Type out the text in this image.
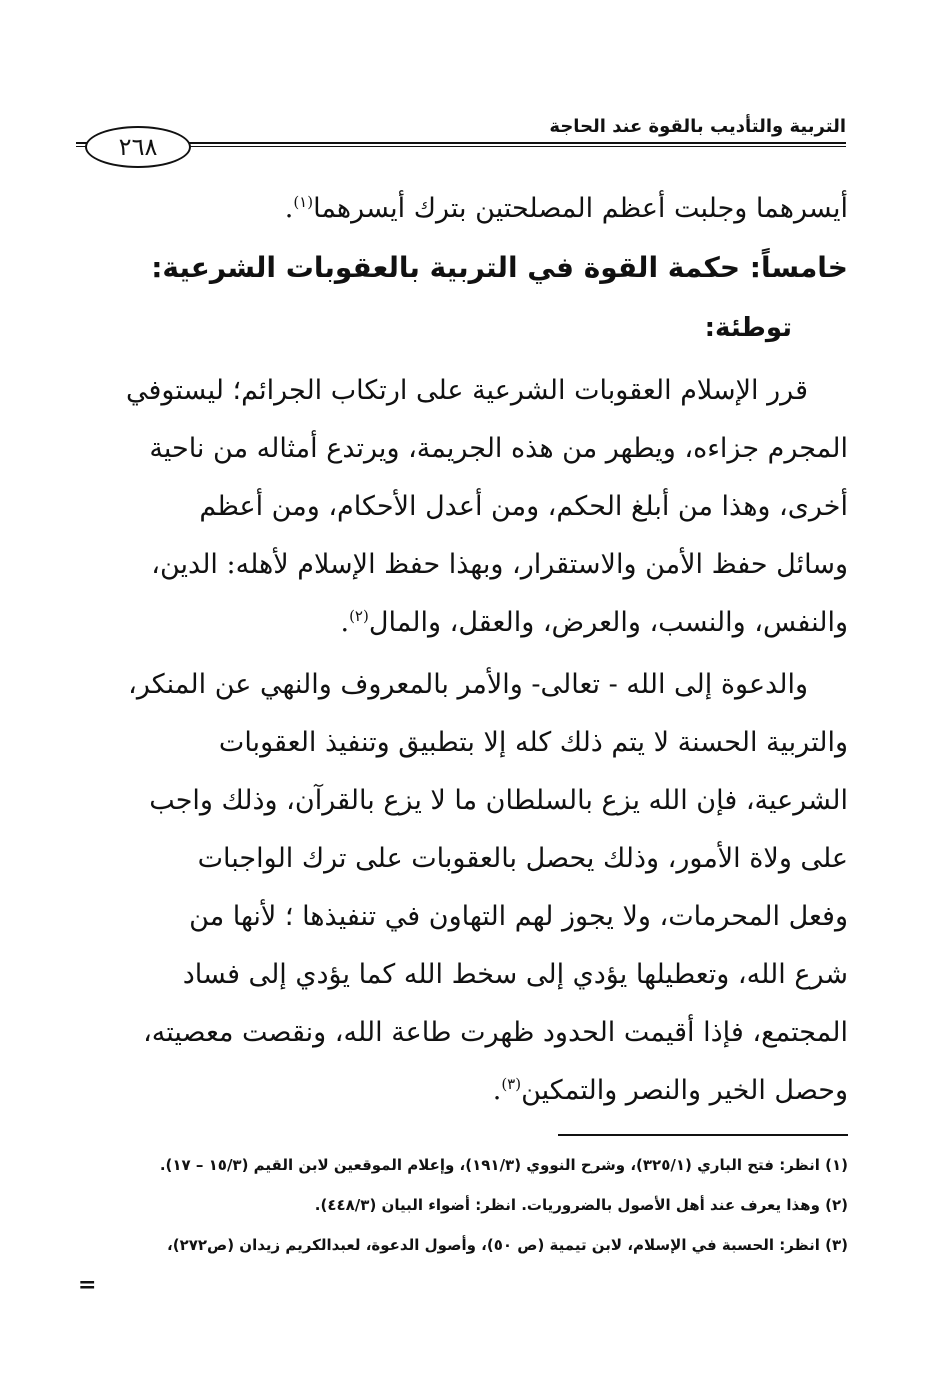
التربية والتأديب بالقوة عند الحاجة
٢٦٨
أيسرهما وجلبت أعظم المصلحتين بترك أيسرهما$^{(١)}$.
خامساً: حكمة القوة في التربية بالعقوبات الشرعية:
توطئة:
قرر الإسلام العقوبات الشرعية على ارتكاب الجرائم؛ ليستوفي
المجرم جزاءه، ويطهر من هذه الجريمة، ويرتدع أمثاله من ناحية
أخرى، وهذا من أبلغ الحكم، ومن أعدل الأحكام، ومن أعظم
وسائل حفظ الأمن والاستقرار، وبهذا حفظ الإسلام لأهله: الدين،
والنفس، والنسب، والعرض، والعقل، والمال$^{(٢)}$.
والدعوة إلى الله - تعالى- والأمر بالمعروف والنهي عن المنكر،
والتربية الحسنة لا يتم ذلك كله إلا بتطبيق وتنفيذ العقوبات
الشرعية، فإن الله يزع بالسلطان ما لا يزع بالقرآن، وذلك واجب
على ولاة الأمور، وذلك يحصل بالعقوبات على ترك الواجبات
وفعل المحرمات، ولا يجوز لهم التهاون في تنفيذها ؛ لأنها من
شرع الله، وتعطيلها يؤدي إلى سخط الله كما يؤدي إلى فساد
المجتمع، فإذا أقيمت الحدود ظهرت طاعة الله، ونقصت معصيته،
وحصل الخير والنصر والتمكين$^{(٣)}$.
(١) انظر: فتح الباري (٣٢٥/١)، وشرح النووي (١٩١/٣)، وإعلام الموقعين لابن القيم (١٥/٣ – ١٧).
(٢) وهذا يعرف عند أهل الأصول بالضروريات. انظر: أضواء البيان (٤٤٨/٣).
(٣) انظر: الحسبة في الإسلام، لابن تيمية (ص ٥٠)، وأصول الدعوة، لعبدالكريم زيدان (ص٢٧٢)،
=
